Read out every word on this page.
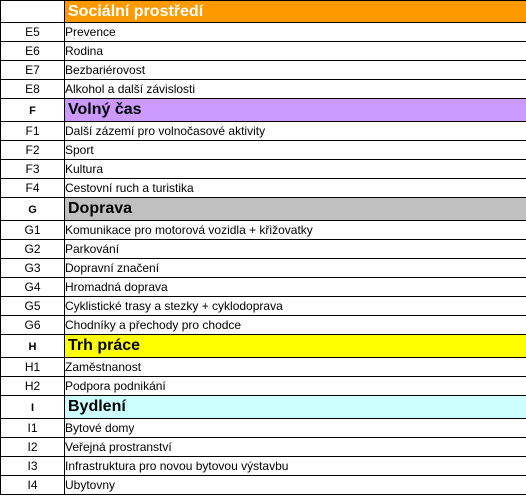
	Sociální prostředí
E5	Prevence
E6	Rodina
E7	Bezbariérovost
E8	Alkohol a další závislosti
F	Volný čas
F1	Další zázemí pro volnočasové aktivity
F2	Sport
F3	Kultura
F4	Cestovní ruch a turistika
G	Doprava
G1	Komunikace pro motorová vozidla + křižovatky
G2	Parkování
G3	Dopravní značení
G4	Hromadná doprava
G5	Cyklistické trasy a stezky + cyklodoprava
G6	Chodníky a přechody pro chodce
H	Trh práce
H1	Zaměstnanost
H2	Podpora podnikání
I	Bydlení
I1	Bytové domy
I2	Veřejná prostranství
I3	Infrastruktura pro novou bytovou výstavbu
I4	Ubytovny
